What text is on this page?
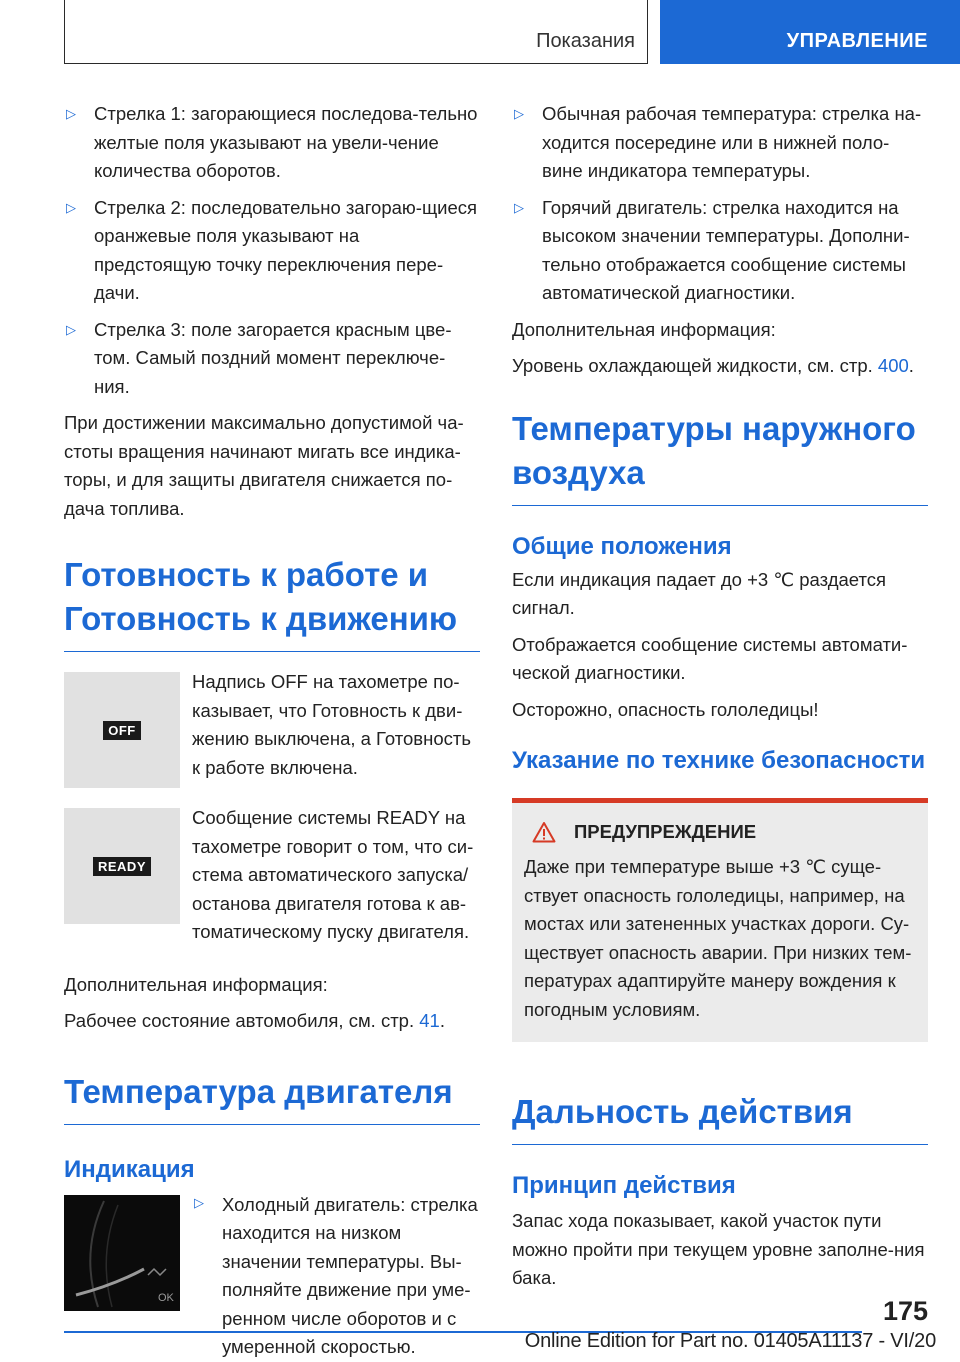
Показания	УПРАВЛЕНИЕ
▷ Стрелка 1: загорающиеся последова-тельно желтые поля указывают на увели-чение количества оборотов.
▷ Стрелка 2: последовательно загораю-щиеся оранжевые поля указывают на предстоящую точку переключения пере-дачи.
▷ Стрелка 3: поле загорается красным цве-том. Самый поздний момент переключе-ния.

При достижении максимально допустимой ча-стоты вращения начинают мигать все индика-торы, и для защиты двигателя снижается по-дача топлива.

Готовность к работе и Готовность к движению
OFF

Надпись OFF на тахометре по-казывает, что Готовность к дви-жению выключена, а Готовность к работе включена.

READY

Сообщение системы READY на тахометре говорит о том, что си-стема автоматического запуска/ останова двигателя готова к ав-томатическому пуску двигателя.

Дополнительная информация:

Рабочее состояние автомобиля, см. стр. 41.

Температура двигателя
Индикация
OK
▷ Холодный двигатель: стрелка находится на низком значении температуры. Вы-полняйте движение при уме-ренном числе оборотов и с умеренной скоростью.

▷ Обычная рабочая температура: стрелка на-ходится посередине или в нижней поло-вине индикатора температуры.
▷ Горячий двигатель: стрелка находится на высоком значении температуры. Дополни-тельно отображается сообщение системы автоматической диагностики.

Дополнительная информация:

Уровень охлаждающей жидкости, см. стр. 400.

Температуры наружного воздуха
Общие положения

Если индикация падает до +3 ℃ раздается сигнал.

Отображается сообщение системы автомати-ческой диагностики.

Осторожно, опасность гололедицы!

Указание по технике безопасности
ПРЕДУПРЕЖДЕНИЕ

Даже при температуре выше +3 ℃ суще-ствует опасность гололедицы, например, на мостах или затененных участках дороги. Су-ществует опасность аварии. При низких тем-пературах адаптируйте манеру вождения к погодным условиям.

Дальность действия
Принцип действия

Запас хода показывает, какой участок пути можно пройти при текущем уровне заполне-ния бака.

175
Online Edition for Part no. 01405A11137 - VI/20
